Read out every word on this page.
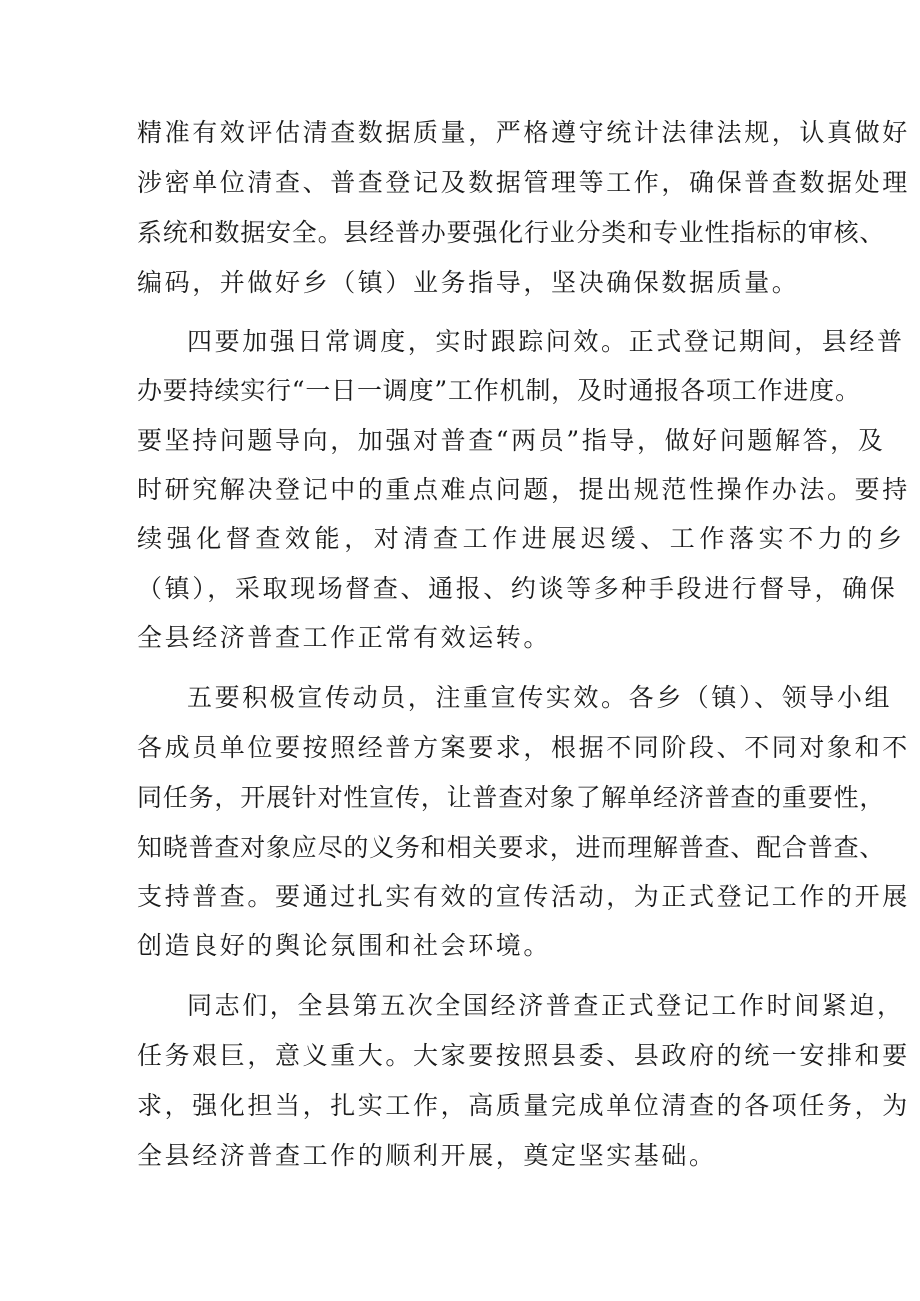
精准有效评估清查数据质量，严格遵守统计法律法规，认真做好
涉密单位清查、普查登记及数据管理等工作，确保普查数据处理
系统和数据安全。县经普办要强化行业分类和专业性指标的审核、
编码，并做好乡（镇）业务指导，坚决确保数据质量。
四要加强日常调度，实时跟踪问效。正式登记期间，县经普
办要持续实行“一日一调度”工作机制，及时通报各项工作进度。
要坚持问题导向，加强对普查“两员”指导，做好问题解答，及
时研究解决登记中的重点难点问题，提出规范性操作办法。要持
续强化督查效能，对清查工作进展迟缓、工作落实不力的乡
（镇），采取现场督查、通报、约谈等多种手段进行督导，确保
全县经济普查工作正常有效运转。
五要积极宣传动员，注重宣传实效。各乡（镇）、领导小组
各成员单位要按照经普方案要求，根据不同阶段、不同对象和不
同任务，开展针对性宣传，让普查对象了解单经济普查的重要性，
知晓普查对象应尽的义务和相关要求，进而理解普查、配合普查、
支持普查。要通过扎实有效的宣传活动，为正式登记工作的开展
创造良好的舆论氛围和社会环境。
同志们，全县第五次全国经济普查正式登记工作时间紧迫，
任务艰巨，意义重大。大家要按照县委、县政府的统一安排和要
求，强化担当，扎实工作，高质量完成单位清查的各项任务，为
全县经济普查工作的顺利开展，奠定坚实基础。
